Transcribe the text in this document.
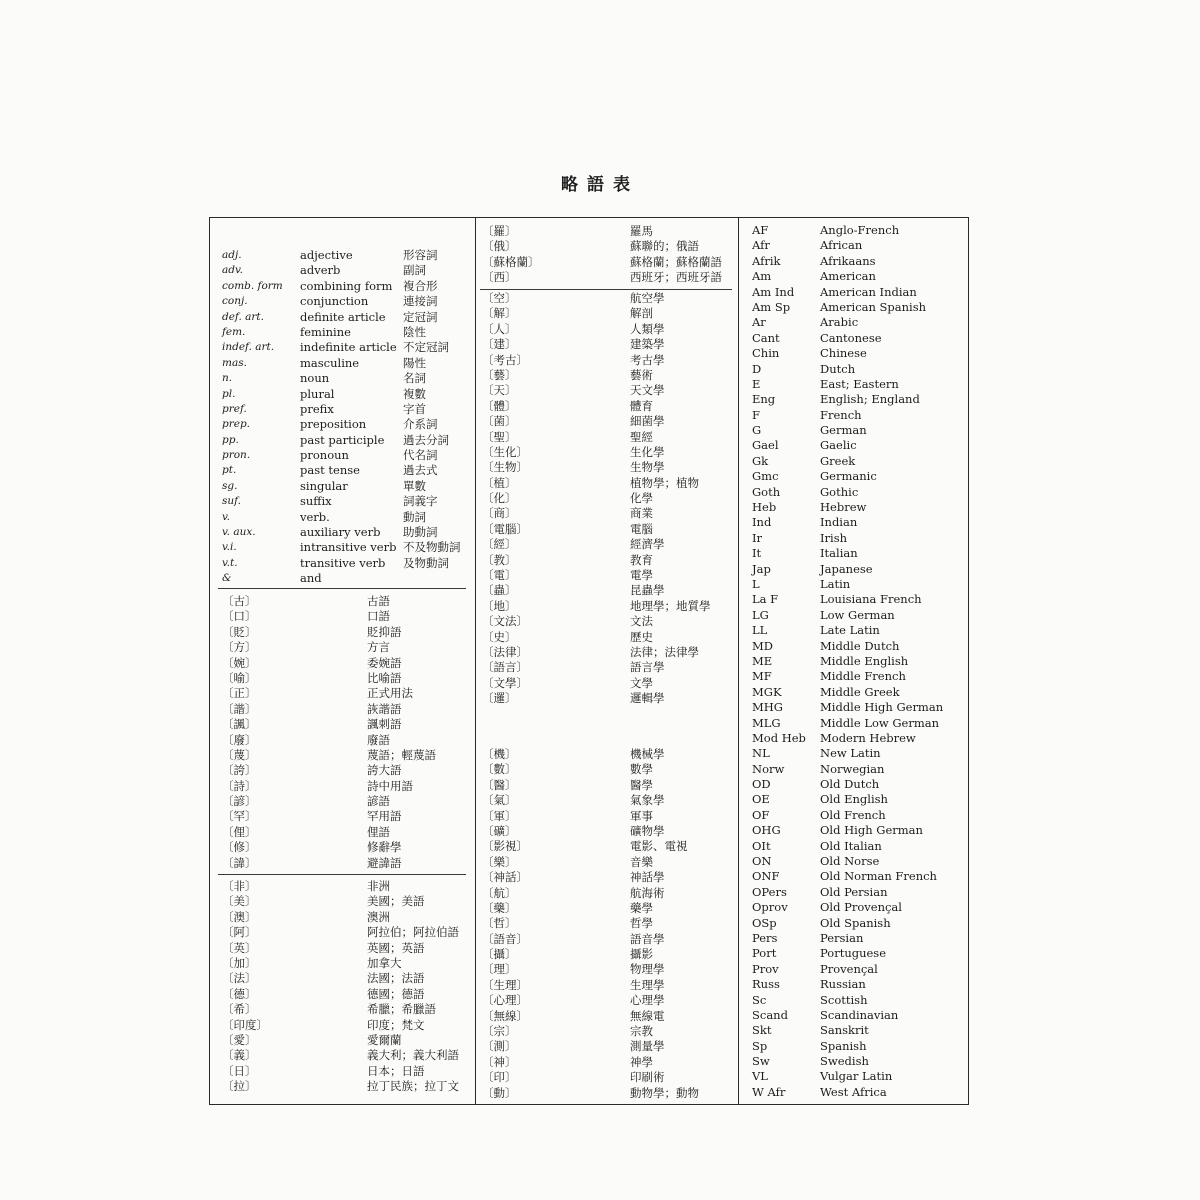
略語表
adj.	adjective	形容詞
adv.	adverb	副詞
comb. form	combining form 複合形
conj.	conjunction	連接詞
def. art.	definite article	定冠詞
fem.	feminine	陰性
indef. art.	indefinite article 不定冠詞
mas.	masculine	陽性
n.	noun	名詞
pl.	plural	複數
pref.	prefix	字首
prep.	preposition	介系詞
pp.	past participle	過去分詞
pron.	pronoun	代名詞
pt.	past tense	過去式
sg.	singular	單數
suf.	suffix	詞義字
v.	verb.	動詞
v. aux.	auxiliary verb	助動詞
v.i.	intransitive verb 不及物動詞
v.t.	transitive verb	及物動詞
&	and
〔古〕	古語
〔口〕	口語
〔貶〕	貶抑語
〔方〕	方言
〔婉〕	委婉語
〔喻〕	比喻語
〔正〕	正式用法
〔諧〕	詼諧語
〔諷〕	諷刺語
〔廢〕	廢語
〔蔑〕	蔑語；輕蔑語
〔誇〕	誇大語
〔詩〕	詩中用語
〔諺〕	諺語
〔罕〕	罕用語
〔俚〕	俚語
〔修〕	修辭學
〔諱〕	避諱語
〔非〕	非洲
〔美〕	美國；美語
〔澳〕	澳洲
〔阿〕	阿拉伯；阿拉伯語
〔英〕	英國；英語
〔加〕	加拿大
〔法〕	法國；法語
〔德〕	德國；德語
〔希〕	希臘；希臘語
〔印度〕	印度；梵文
〔愛〕	愛爾蘭
〔義〕	義大利；義大利語
〔日〕	日本；日語
〔拉〕	拉丁民族；拉丁文
〔羅〕	羅馬
〔俄〕	蘇聯的；俄語
〔蘇格蘭〕	蘇格蘭；蘇格蘭語
〔西〕	西班牙；西班牙語
〔空〕	航空學
〔解〕	解剖
〔人〕	人類學
〔建〕	建築學
〔考古〕	考古學
〔藝〕	藝術
〔天〕	天文學
〔體〕	體育
〔菌〕	細菌學
〔聖〕	聖經
〔生化〕	生化學
〔生物〕	生物學
〔植〕	植物學；植物
〔化〕	化學
〔商〕	商業
〔電腦〕	電腦
〔經〕	經濟學
〔教〕	教育
〔電〕	電學
〔蟲〕	昆蟲學
〔地〕	地理學；地質學
〔文法〕	文法
〔史〕	歷史
〔法律〕	法律；法律學
〔語言〕	語言學
〔文學〕	文學
〔邏〕	邏輯學
〔機〕	機械學
〔數〕	數學
〔醫〕	醫學
〔氣〕	氣象學
〔軍〕	軍事
〔礦〕	礦物學
〔影視〕	電影、電視
〔樂〕	音樂
〔神話〕	神話學
〔航〕	航海術
〔藥〕	藥學
〔哲〕	哲學
〔語音〕	語音學
〔攝〕	攝影
〔理〕	物理學
〔生理〕	生理學
〔心理〕	心理學
〔無線〕	無線電
〔宗〕	宗教
〔測〕	測量學
〔神〕	神學
〔印〕	印刷術
〔動〕	動物學；動物
AF	Anglo-French
Afr	African
Afrik	Afrikaans
Am	American
Am Ind	American Indian
Am Sp	American Spanish
Ar	Arabic
Cant	Cantonese
Chin	Chinese
D	Dutch
E	East; Eastern
Eng	English; England
F	French
G	German
Gael	Gaelic
Gk	Greek
Gmc	Germanic
Goth	Gothic
Heb	Hebrew
Ind	Indian
Ir	Irish
It	Italian
Jap	Japanese
L	Latin
La F	Louisiana French
LG	Low German
LL	Late Latin
MD	Middle Dutch
ME	Middle English
MF	Middle French
MGK	Middle Greek
MHG	Middle High German
MLG	Middle Low German
Mod Heb	Modern Hebrew
NL	New Latin
Norw	Norwegian
OD	Old Dutch
OE	Old English
OF	Old French
OHG	Old High German
OIt	Old Italian
ON	Old Norse
ONF	Old Norman French
OPers	Old Persian
Oprov	Old Provençal
OSp	Old Spanish
Pers	Persian
Port	Portuguese
Prov	Provençal
Russ	Russian
Sc	Scottish
Scand	Scandinavian
Skt	Sanskrit
Sp	Spanish
Sw	Swedish
VL	Vulgar Latin
W Afr	West Africa
